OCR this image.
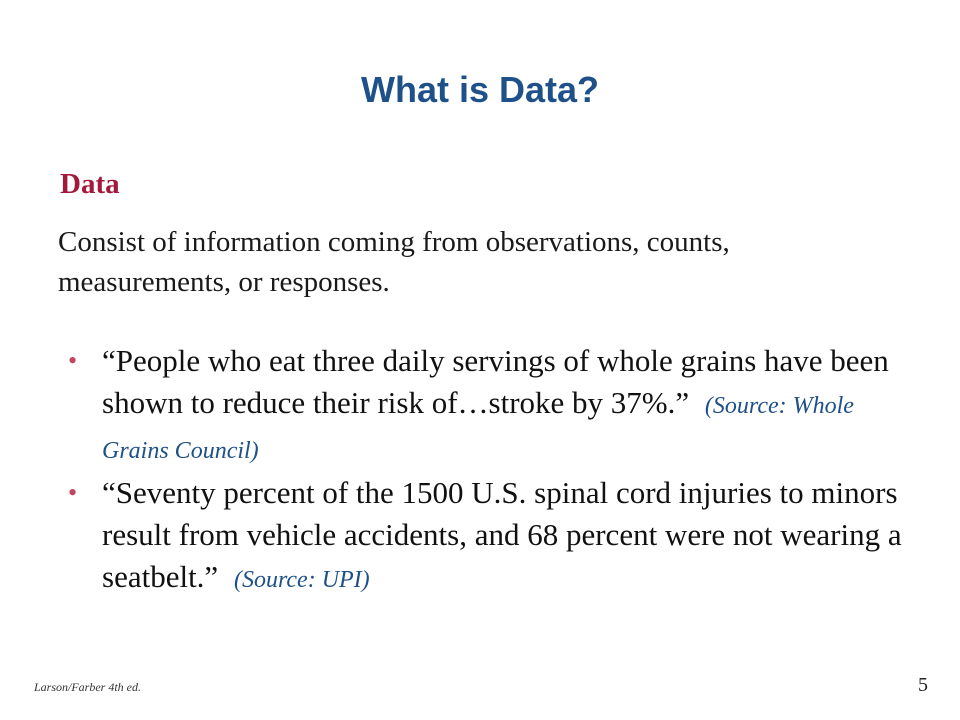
What is Data?
Data
Consist of information coming from observations, counts, measurements, or responses.
• “People who eat three daily servings of whole grains have been shown to reduce their risk of…stroke by 37%.” (Source: Whole Grains Council)
• “Seventy percent of the 1500 U.S. spinal cord injuries to minors result from vehicle accidents, and 68 percent were not wearing a seatbelt.” (Source: UPI)
Larson/Farber 4th ed.	5
